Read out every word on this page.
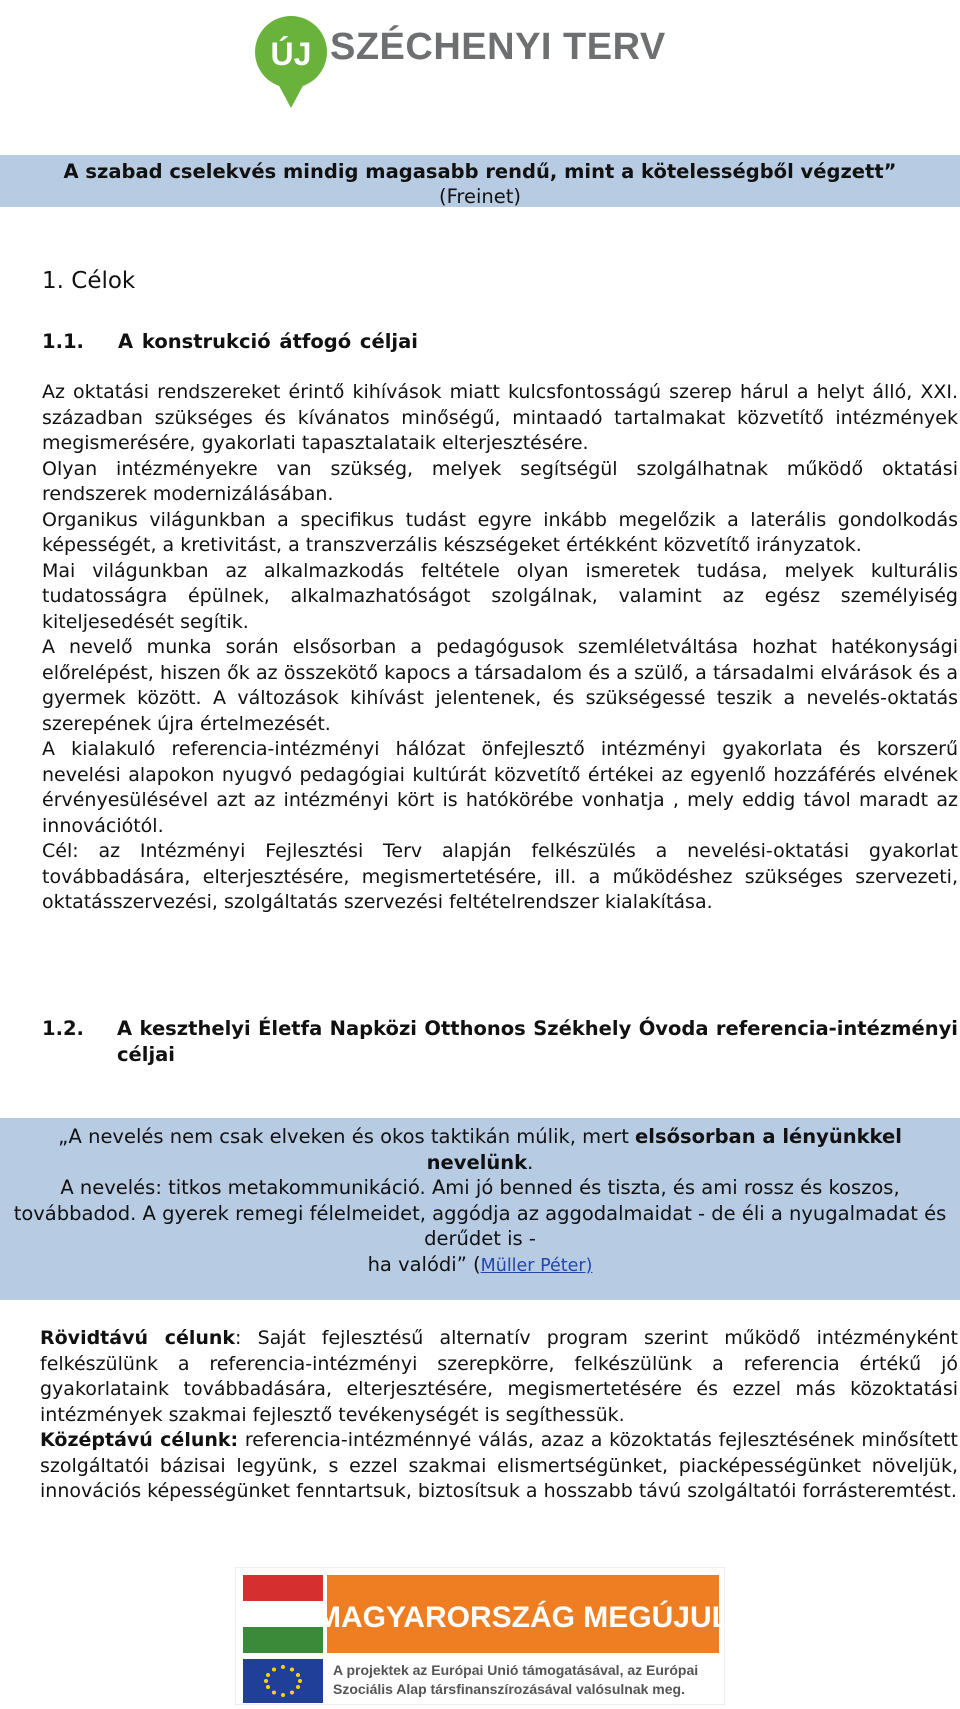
ÚJ SZÉCHENYI TERV
A szabad cselekvés mindig magasabb rendű, mint a kötelességből végzett”
(Freinet)
1. Célok
1.1. A konstrukció átfogó céljai

Az oktatási rendszereket érintő kihívások miatt kulcsfontosságú szerep hárul a helyt álló, XXI. században szükséges és kívánatos minőségű, mintaadó tartalmakat közvetítő intézmények megismerésére, gyakorlati tapasztalataik elterjesztésére.

Olyan intézményekre van szükség, melyek segítségül szolgálhatnak működő oktatási rendszerek modernizálásában.

Organikus világunkban a specifikus tudást egyre inkább megelőzik a laterális gondolkodás képességét, a kretivitást, a transzverzális készségeket értékként közvetítő irányzatok.

Mai világunkban az alkalmazkodás feltétele olyan ismeretek tudása, melyek kulturális tudatosságra épülnek, alkalmazhatóságot szolgálnak, valamint az egész személyiség kiteljesedését segítik.

A nevelő munka során elsősorban a pedagógusok szemléletváltása hozhat hatékonysági előrelépést, hiszen ők az összekötő kapocs a társadalom és a szülő, a társadalmi elvárások és a gyermek között. A változások kihívást jelentenek, és szükségessé teszik a nevelés-oktatás szerepének újra értelmezését.

A kialakuló referencia-intézményi hálózat önfejlesztő intézményi gyakorlata és korszerű nevelési alapokon nyugvó pedagógiai kultúrát közvetítő értékei az egyenlő hozzáférés elvének érvényesülésével azt az intézményi kört is hatókörébe vonhatja , mely eddig távol maradt az innovációtól.

Cél: az Intézményi Fejlesztési Terv alapján felkészülés a nevelési-oktatási gyakorlat továbbadására, elterjesztésére, megismertetésére, ill. a működéshez szükséges szervezeti, oktatásszervezési, szolgáltatás szervezési feltételrendszer kialakítása.

1.2. A keszthelyi Életfa Napközi Otthonos Székhely Óvoda referencia-intézményi céljai
„A nevelés nem csak elveken és okos taktikán múlik, mert elsősorban a lényünkkel nevelünk.
A nevelés: titkos metakommunikáció. Ami jó benned és tiszta, és ami rossz és koszos, továbbadod. A gyerek remegi félelmeidet, aggódja az aggodalmaidat - de éli a nyugalmadat és derűdet is -
ha valódi” (Müller Péter)

Rövidtávú célunk: Saját fejlesztésű alternatív program szerint működő intézményként felkészülünk a referencia-intézményi szerepkörre, felkészülünk a referencia értékű jó gyakorlataink továbbadására, elterjesztésére, megismertetésére és ezzel más közoktatási intézmények szakmai fejlesztő tevékenységét is segíthessük.

Középtávú célunk: referencia-intézménnyé válás, azaz a közoktatás fejlesztésének minősített szolgáltatói bázisai legyünk, s ezzel szakmai elismertségünket, piacképességünket növeljük, innovációs képességünket fenntartsuk, biztosítsuk a hosszabb távú szolgáltatói forrásteremtést.

MAGYARORSZÁG MEGÚJUL
A projektek az Európai Unió támogatásával, az Európai
Szociális Alap társfinanszírozásával valósulnak meg.
